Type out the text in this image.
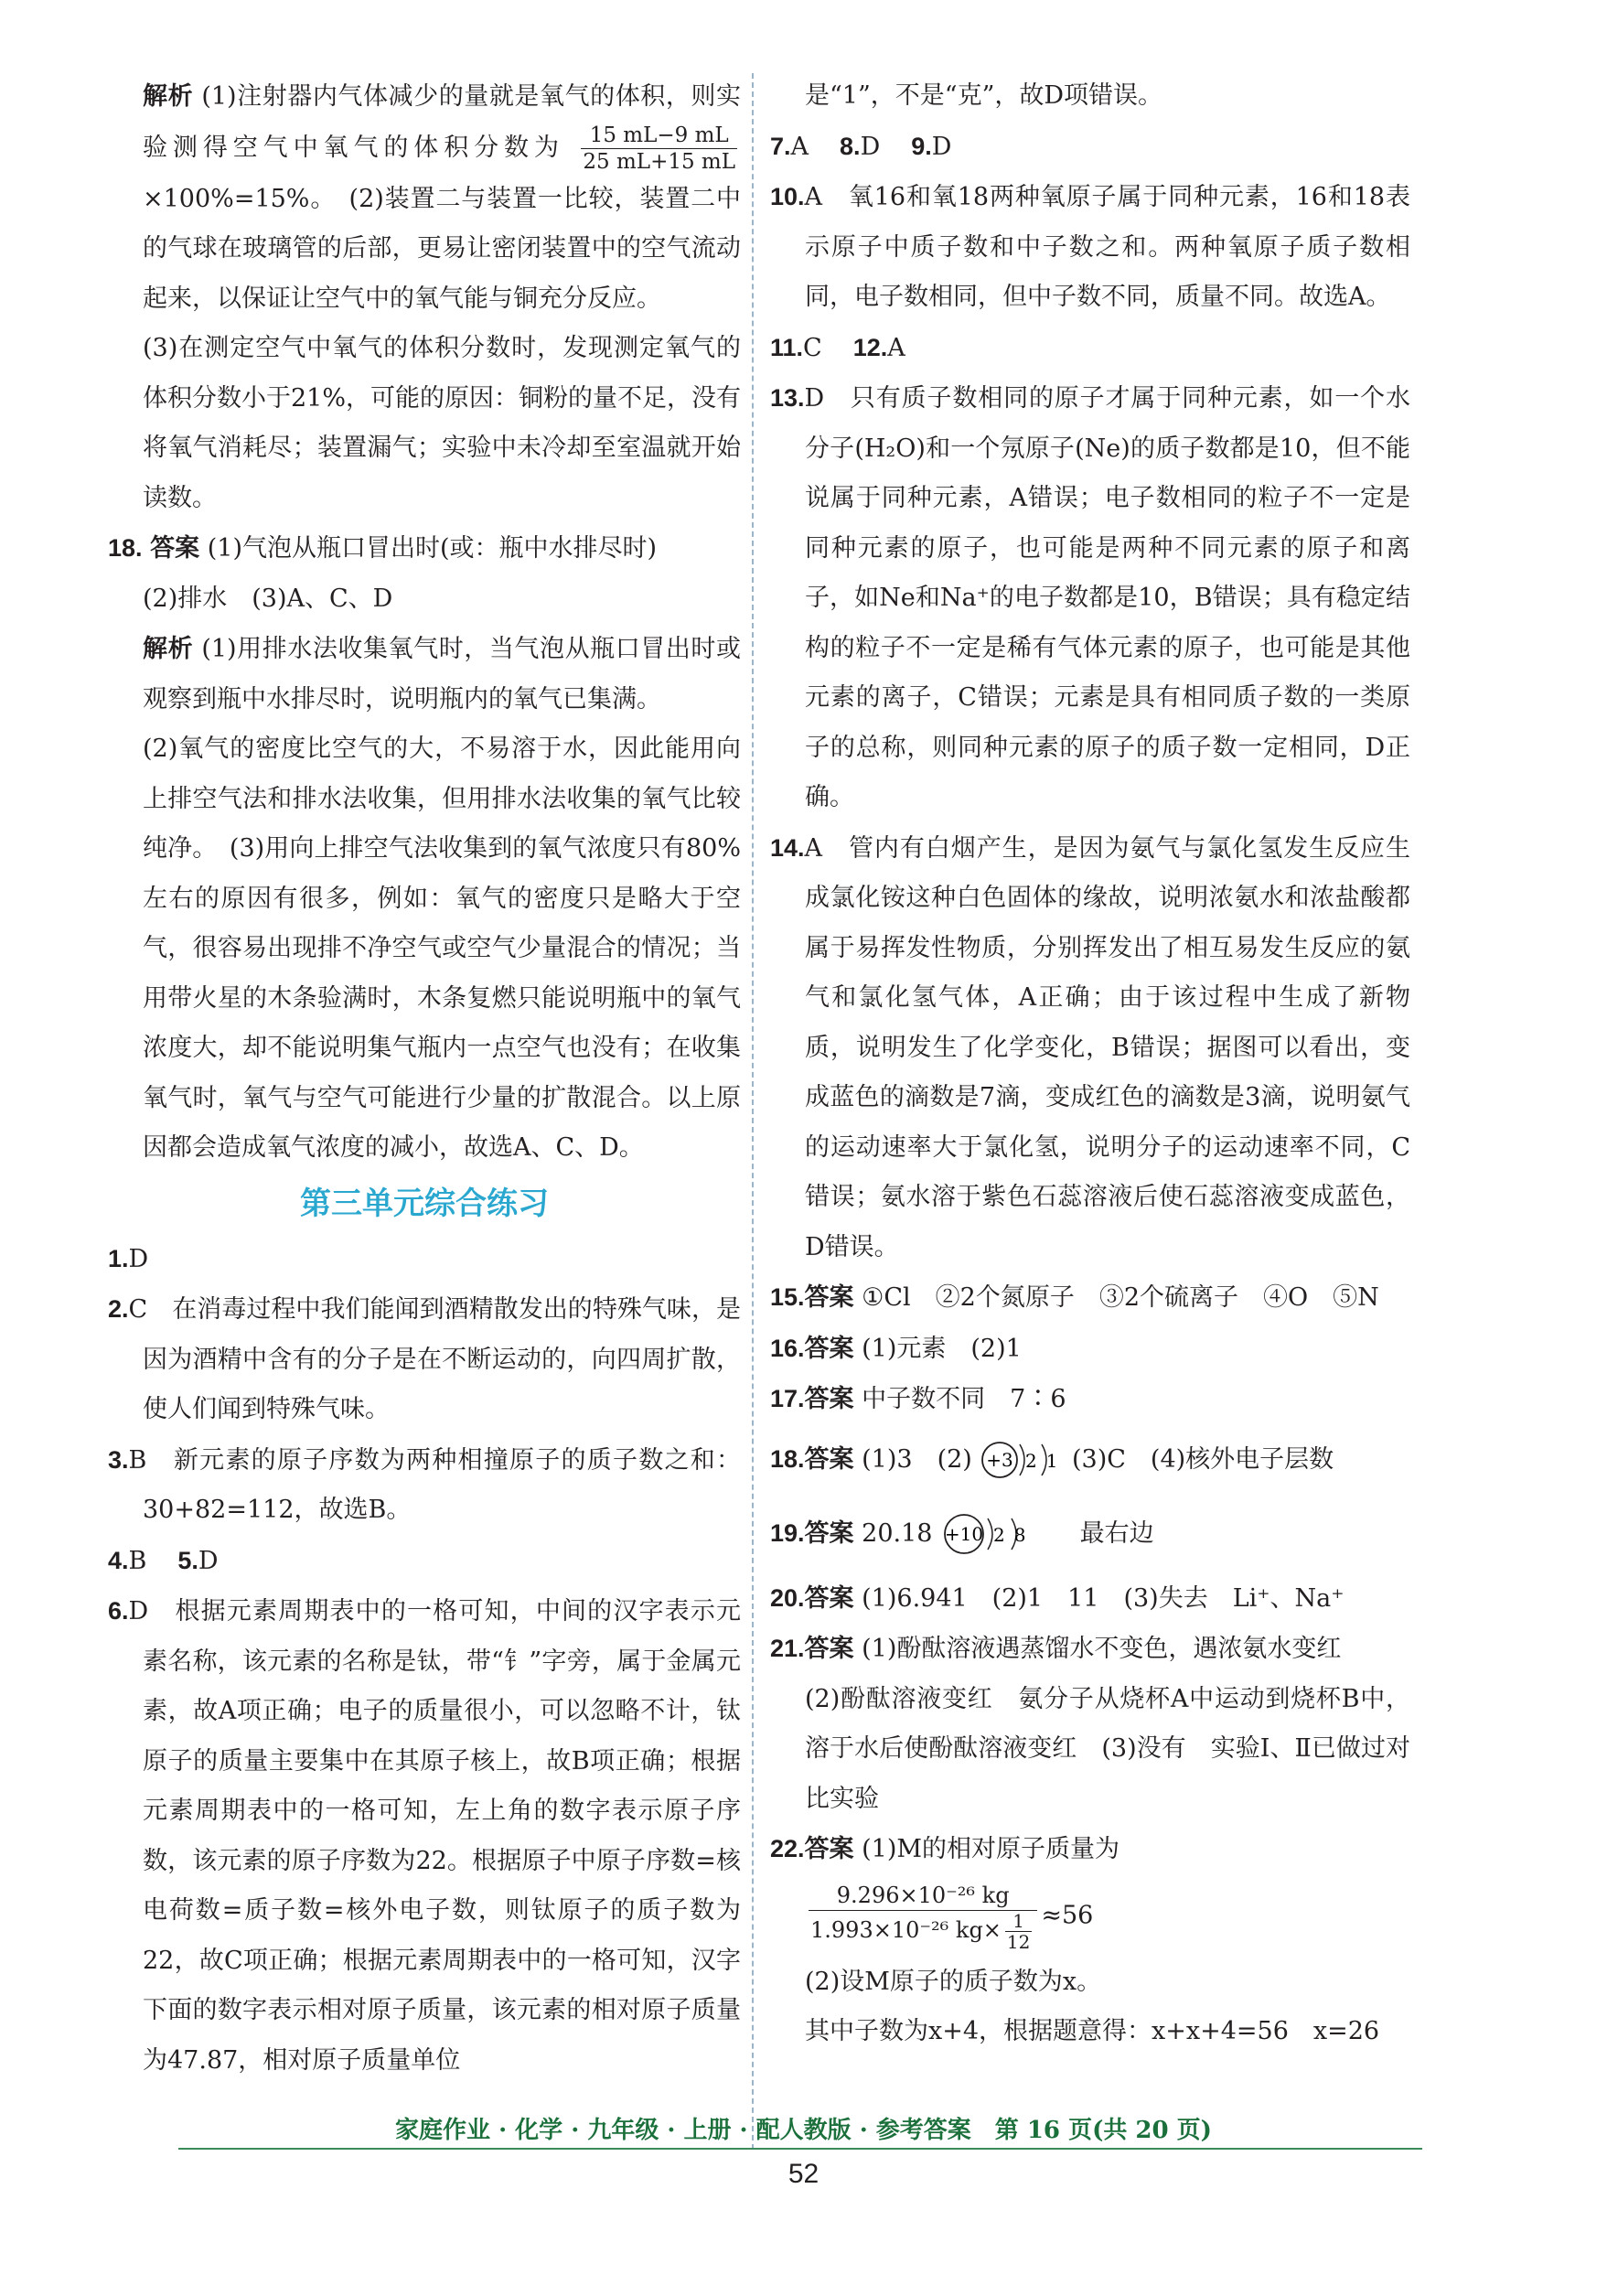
解析 (1)注射器内气体减少的量就是氧气的体积，则实验测得空气中氧气的体积分数为 $\frac{15 mL-9 mL}{25 mL+15 mL}$
×100%=15%。　(2)装置二与装置一比较，装置二中的气球在玻璃管的后部，更易让密闭装置中的空气流动起来，以保证让空气中的氧气能与铜充分反应。

(3)在测定空气中氧气的体积分数时，发现测定氧气的体积分数小于21%，可能的原因：铜粉的量不足，没有将氧气消耗尽；装置漏气；实验中未冷却至室温就开始读数。

18. 答案 (1)气泡从瓶口冒出时(或：瓶中水排尽时)

(2)排水　(3)A、C、D

解析 (1)用排水法收集氧气时，当气泡从瓶口冒出时或观察到瓶中水排尽时，说明瓶内的氧气已集满。

(2)氧气的密度比空气的大，不易溶于水，因此能用向上排空气法和排水法收集，但用排水法收集的氧气比较纯净。　(3)用向上排空气法收集到的氧气浓度只有80%左右的原因有很多，例如：氧气的密度只是略大于空气，很容易出现排不净空气或空气少量混合的情况；当用带火星的木条验满时，木条复燃只能说明瓶中的氧气浓度大，却不能说明集气瓶内一点空气也没有；在收集氧气时，氧气与空气可能进行少量的扩散混合。以上原因都会造成氧气浓度的减小，故选A、C、D。

第三单元综合练习

1.D

2.C　在消毒过程中我们能闻到酒精散发出的特殊气味，是因为酒精中含有的分子是在不断运动的，向四周扩散，使人们闻到特殊气味。

3.B　新元素的原子序数为两种相撞原子的质子数之和：30+82=112，故选B。

4.B 5.D

6.D　根据元素周期表中的一格可知，中间的汉字表示元素名称，该元素的名称是钛，带“钅”字旁，属于金属元素，故A项正确；电子的质量很小，可以忽略不计，钛原子的质量主要集中在其原子核上，故B项正确；根据元素周期表中的一格可知，左上角的数字表示原子序数，该元素的原子序数为22。根据原子中原子序数=核电荷数=质子数=核外电子数，则钛原子的质子数为22，故C项正确；根据元素周期表中的一格可知，汉字下面的数字表示相对原子质量，该元素的相对原子质量为47.87，相对原子质量单位

是“1”，不是“克”，故D项错误。

7.A 8.D 9.D

10.A　氧16和氧18两种氧原子属于同种元素，16和18表示原子中质子数和中子数之和。两种氧原子质子数相同，电子数相同，但中子数不同，质量不同。故选A。

11.C 12.A

13.D　只有质子数相同的原子才属于同种元素，如一个水分子(H₂O)和一个氖原子(Ne)的质子数都是10，但不能说属于同种元素，A错误；电子数相同的粒子不一定是同种元素的原子，也可能是两种不同元素的原子和离子，如Ne和Na⁺的电子数都是10，B错误；具有稳定结构的粒子不一定是稀有气体元素的原子，也可能是其他元素的离子，C错误；元素是具有相同质子数的一类原子的总称，则同种元素的原子的质子数一定相同，D正确。

14.A　管内有白烟产生，是因为氨气与氯化氢发生反应生成氯化铵这种白色固体的缘故，说明浓氨水和浓盐酸都属于易挥发性物质，分别挥发出了相互易发生反应的氨气和氯化氢气体，A正确；由于该过程中生成了新物质，说明发生了化学变化，B错误；据图可以看出，变成蓝色的滴数是7滴，变成红色的滴数是3滴，说明氨气的运动速率大于氯化氢，说明分子的运动速率不同，C错误；氨水溶于紫色石蕊溶液后使石蕊溶液变成蓝色，D错误。

15.答案 ①Cl　②2个氮原子　③2个硫离子　④O　⑤N

16.答案 (1)元素　(2)1

17.答案 中子数不同　7∶6

18.答案 (1)3　(2) +3 2 1 (3)C　(4)核外电子层数

19.答案 20.18 +10 2 8 最右边

20.答案 (1)6.941　(2)1　11　(3)失去　Li⁺、Na⁺

21.答案 (1)酚酞溶液遇蒸馏水不变色，遇浓氨水变红

(2)酚酞溶液变红　氨分子从烧杯A中运动到烧杯B中，溶于水后使酚酞溶液变红　(3)没有　实验Ⅰ、Ⅱ已做过对比实验

22.答案 (1)M的相对原子质量为

$\frac{\text{9.296×10⁻²⁶ kg}}{1.993\times 10^{-26} kg\times \frac{1}{12}} \approx 56$

(2)设M原子的质子数为x。

其中子数为x+4，根据题意得：x+x+4=56　x=26

家庭作业 · 化学 · 九年级 · 上册 · 配人教版 · 参考答案　第 16 页(共 20 页)
52
